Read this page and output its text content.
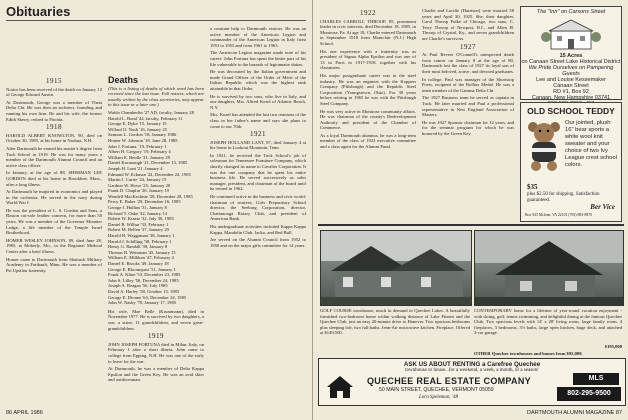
Obituaries
1915

Notice has been received of the death on January 13 of George Edward Austin.

At Dartmouth, George was a member of Theta Delta Chi. He was then an architect, founding and running his own firm. He and his wife, the former Edith Skerry, retired to Florida.

1918

HAROLD ALBERT KNOWLTON, 90, died on October 30, 1985, at his home in Nashua, N.H.

After Dartmouth he earned his master's degree from Tuck School in 1919. He was for many years a member of the Dartmouth Alumni Council and an active class officer.

In January, at the age of 88, SHERMAN LEE GORDON died at his home in Brookline, Mass., after a long illness.

At Dartmouth he majored in economics and played in the orchestra. He served in the navy during World War I.

He was the president of L. S. Gordon and Sons, a Boston cut-sole leather concern, for more than 50 years. He was a member of the Governor Mounter Lodge, a life member of the Temple Israel Brotherhood.

HOMER WESLEY JOHNSON, 89, died June 28, 1985, at Moberly, Mo., in the Regional Medical Center after a brief illness.

Homer came to Dartmouth from Shattuck Military Academy in Faribault, Minn. He was a member of Psi Upsilon fraternity.

Deaths

(This is a listing of deaths of which word has been received since the last issue. Full notices, which are usually written by the class secretaries, may appear in this issue or a later one.)

Waldo Chamberlin '27 AD, faculty, January 28
Harold L. Bond '42, faculty, February 11
George E. Dyke '15, January 15
Willard O. Nash '16, January 25
Samson L. Gordon '18, January 1986
Homer W. Johnson '18, June 28, 1985
John J. Fortuna, '19, February 1
Albert H. Gregory '19, February 4
William E. Beidle '21, January 29
Daniel Kavanaugh '21, December 13, 1985
Joseph H. Lunt '21, January 4
Edmund W. Eckman '24, December 24, 1985
Martin J. Currie '24, January 15
Gardner W. Howe '25, January 20
Frank D. Chaplin '26, January 19
Wendell MacKechnie '28, December 28, 1985
Percy E. Baker '29, December 16, 1985
George J. Hullins '31, January 8
Richard T. Oake '32, January 14
Robert W. Kraetz '32, July 30, 1985
Daniel B. Wilbur '33, February 1
Robert M. Bellen '37, January 29
Harold H. Waggaman '38, January 1
Harold J. Schilling '38, February 1
Henry G. Randall '39, January 8
Thomas B. Weinman '45, January 15
William E. Milliken '47, February 4
Daniel E. Brooks '49, January 18
George E. Bloomquist '51, January 1
Frank A. Kline '53, December 23, 1985
John S. Lilley '56, December 24, 1985
Joseph A. Reagan '56, July 1985
David A. Harley '58, October 13, 1985
George E. Dionne '64, December 24, 1985
John W. Nasky '70, January 17, 1985

His wife, Mae Belle (Krummann), died in November 1977. He is survived by two daughters, a son, a sister, 11 grandchildren, and seven great-grandchildren.

1919

JOHN JOSEPH FORTUNA died in Milan, Italy, on February 1 after a short illness. John came to college from Epping, N.H. He was one of the early to leave for the war.

At Dartmouth, he was a member of Delta Kappa Epsilon and the Green Key. He was an avid skier and outdoorsman.

a constant help to Dartmouth visitors. He was an active member of the American Legion and commander of the American Legion in Italy from 1953 to 1955 and from 1961 to 1963.

The American Legion magazine made note of his career: John Fortuna has spent the better part of his life vulnerable to the hazards of legionnaire duties.

He was decorated by the Italian government and made Grand Officer of the Order of Merit of the Italian Republic which was the highest rank attainable in that Order.

He is survived by two sons, who live in Italy, and one daughter, Mrs. Alfred Kozel of Atlantic Beach, N.Y.

Mrs. Kozel has attended the last two reunions of the class in her father's name and says she plans to come to our 70th.

1921

JOSEPH HOLLAND LANT, 87, died January 4 at his home in Lookout Mountain, Tenn.

In 1921, he received the Tuck School's job of solesman for Tennessee Furniture Company, which shortly changed its name to Cavalier Corporation. It was the one company that he spent his entire business life. He served successively as sales manager, president, and chairman of the board until he retired in 1962.

He continued active in the business and civic world: chairman of trustees, Girls Preparatory School director, the Seeburg Corporation, director, Chattanooga Rotary Club, and president of American Bank.

His undergraduate activities included Kappa Kappa Kappa, Mandolin Club, Jacko, and Red Bull.

Joe served on the Alumni Council from 1952 to 1958 and on the major gifts committee for 14 years.

86 APRIL 1986
1922

CHARLES CARROLL THROOP, 85, prominent leader in civic interests, died December 18, 1985, in Montrose, Pa. At age 18, Charlie entered Dartmouth in September 1918 from Montclair (N.J.) High School.

His one experience with a fraternity was as president of Sigma Alpha Epsilon and was one of 13 in Paris in 1917-1918, together with his classmates.

His major postgraduate career was in the steel industry. He was an engineer with the Koppers Company (Pittsburgh) and the Republic Steel Corporation (Youngstown, Ohio). For 30 years before retiring in 1965 he was with the Pittsburgh Steel Company.

He was very active in Montrose community affairs. He was chairman of the county's Redevelopment Authority and president of the Chamber of Commerce.

As a loyal Dartmouth alumnus, he was a long-term member of the class of 1922 executive committee and a class agent for the Alumni Fund.

Charlie and Lucille (Harrison) were married 58 years and April 30, 1925. She, their daughter, Carol Throop Fulke of Chicago, two sons, C. Terry Throop of Newport, R.I., and Allen H. Throop of Crystal, Ky., and seven grandchildren are Charlie's survivors.

1927

At Paul Revere O'Connell's unexpected death from cancer on January 8 at the age of 80, Dartmouth lost the class of 1927 its loyal son of their most beloved, active, and devoted graduates.

In college, Paul was manager of the Shortstop Poets, recipient of the Rollins Medal. He was a team member of the Gamma Delta Chi.

The 1927 Business team he served as captain in Tuck. He later married and Paul a professional representative in New England Association of Masters.

He was 1927 Sponsor chairman for 12 years, and for the seminar program for which he was honored by the Green Key.

The "Inn" on Carsons Street
15 Acres
on Canaan Street Lake Historical District
We Pride Ourselves on Pampering Guests
Lee and Louise Kessemaker
Canaan Street
RD #1, Box 92
Canaan, New Hampshire 03741
OLD SCHOOL TEDDY
Our jointed, plush 16" bear sports a white wool knit sweater and your choice of two Ivy League crest school colors.
$35
plus $2.50 for shipping. Satisfaction guaranteed.
Ber Vice
Box 945 Mclean, VA 22101 (703) 883-8870
GOLF COURSE townhouse, much in demand in Quechee Lakes. A beautifully furnished two-bedroom home within walking distance of Lake Pinneo and the Quechee Club, just an easy 20-minute drive to Hanover. Two spacious bedrooms plus sleeping loft, two full baths. Jenn-Air microwave kitchen. Fireplace. Offered at $149,500.
CONTEMPORARY home for a lifetime of year-round vacation enjoyment - with skiing, golf, tennis swimming, and delightful dining at the famous Quechee Club. Two spacious levels with 14' x 28' living room, large family room, 4 fireplaces, 3 bedrooms, 3½ baths, large open kitchen, huge deck, and attached 2-car garage.
$195,000
OTHER Quechee townhouses and homes from $92,000.
ASK US ABOUT RENTING a Carefree Quechee
townhouse or house...for a weekend, a week, a month, or a season!
QUECHEE REAL ESTATE COMPANY
50 MAIN STREET, QUECHEE, VERMONT 05059
Lorn Speleman, '48
MLS
802-295-9500
DARTMOUTH ALUMNI MAGAZINE 87
